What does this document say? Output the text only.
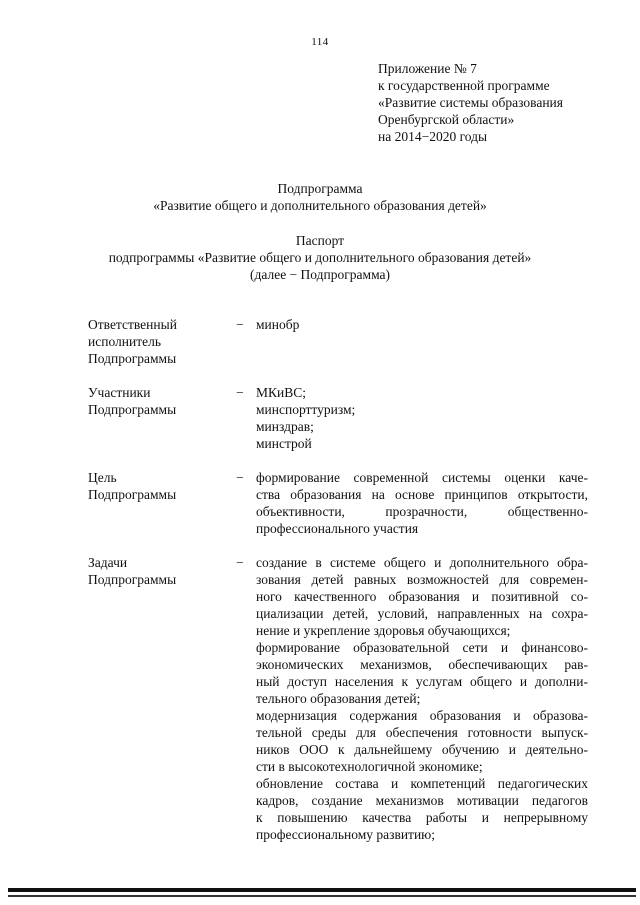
114
Приложение № 7
к государственной программе
«Развитие системы образования
Оренбургской области»
на 2014−2020 годы
Подпрограмма
«Развитие общего и дополнительного образования детей»
Паспорт
подпрограммы «Развитие общего и дополнительного образования детей»
(далее − Подпрограмма)
Ответственный
исполнитель
Подпрограммы
− минобр
Участники
Подпрограммы
− МКиВС;
минспорттуризм;
минздрав;
минстрой
Цель
Подпрограммы
− формирование современной системы оценки каче-
ства образования на основе принципов открытости,
объективности, прозрачности, общественно-
профессионального участия
Задачи
Подпрограммы
− создание в системе общего и дополнительного обра-
зования детей равных возможностей для современ-
ного качественного образования и позитивной со-
циализации детей, условий, направленных на сохра-
нение и укрепление здоровья обучающихся;
формирование образовательной сети и финансово-
экономических механизмов, обеспечивающих рав-
ный доступ населения к услугам общего и дополни-
тельного образования детей;
модернизация содержания образования и образова-
тельной среды для обеспечения готовности выпуск-
ников ООО к дальнейшему обучению и деятельно-
сти в высокотехнологичной экономике;
обновление состава и компетенций педагогических
кадров, создание механизмов мотивации педагогов
к повышению качества работы и непрерывному
профессиональному развитию;
